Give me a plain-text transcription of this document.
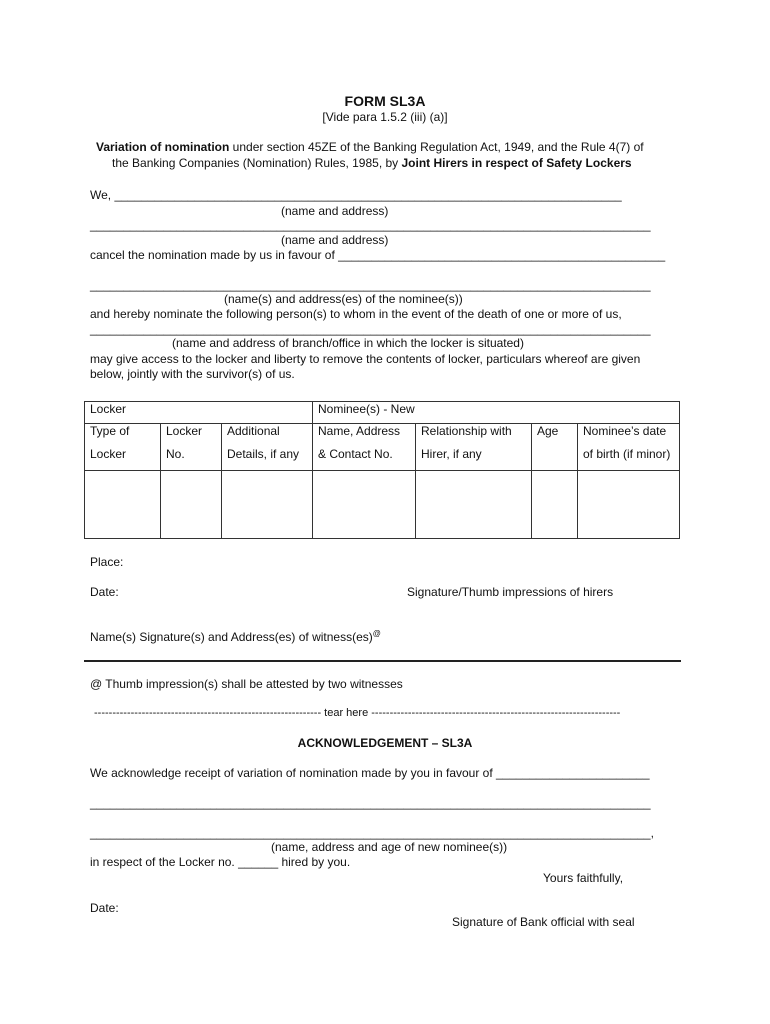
FORM SL3A
[Vide para 1.5.2 (iii) (a)]
Variation of nomination under section 45ZE of the Banking Regulation Act, 1949, and the Rule 4(7) of
the Banking Companies (Nomination) Rules, 1985, by Joint Hirers in respect of Safety Lockers
We, ____________________________________________________________________________
(name and address)
____________________________________________________________________________________
(name and address)
cancel the nomination made by us in favour of _________________________________________________
____________________________________________________________________________________
(name(s) and address(es) of the nominee(s))
and hereby nominate the following person(s) to whom in the event of the death of one or more of us,
____________________________________________________________________________________
(name and address of branch/office in which the locker is situated)
may give access to the locker and liberty to remove the contents of locker, particulars whereof are given
below, jointly with the survivor(s) of us.
Locker			Nominee(s) - New			
Type of	Locker	Additional	Name, Address	Relationship with	Age	Nominee’s date
Locker	No.	Details, if any	& Contact No.	Hirer, if any		of birth (if minor)

Place:
Date:	Signature/Thumb impressions of hirers
Name(s) Signature(s) and Address(es) of witness(es)@
@ Thumb impression(s) shall be attested by two witnesses
-------------------------------------------------------------- tear here --------------------------------------------------------------------
ACKNOWLEDGEMENT – SL3A
We acknowledge receipt of variation of nomination made by you in favour of _______________________
____________________________________________________________________________________
____________________________________________________________________________________,
(name, address and age of new nominee(s))
in respect of the Locker no. ______ hired by you.
Yours faithfully,
Date:
Signature of Bank official with seal
